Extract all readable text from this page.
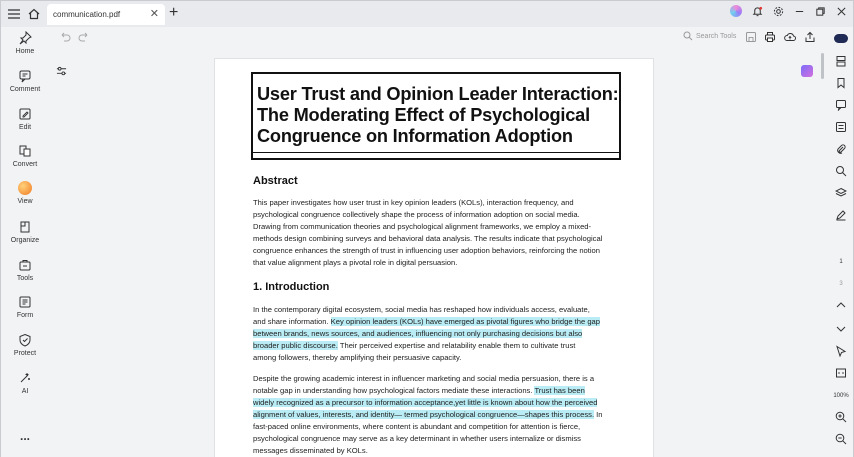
communication.pdf	✕ +
Home
Comment
Edit
Convert
View
Organize
Tools
Form
Protect
AI
...
Search Tools
User Trust and Opinion Leader Interaction:
The Moderating Effect of Psychological
Congruence on Information Adoption
Abstract
This paper investigates how user trust in key opinion leaders (KOLs), interaction frequency, and
psychological congruence collectively shape the process of information adoption on social media.
Drawing from communication theories and psychological alignment frameworks, we employ a mixed-
methods design combining surveys and behavioral data analysis. The results indicate that psychological
congruence enhances the strength of trust in influencing user adoption behaviors, reinforcing the notion
that value alignment plays a pivotal role in digital persuasion.
1. Introduction
In the contemporary digital ecosystem, social media has reshaped how individuals access, evaluate,
and share information. Key opinion leaders (KOLs) have emerged as pivotal figures who bridge the gap
between brands, news sources, and audiences, influencing not only purchasing decisions but also
broader public discourse. Their perceived expertise and relatability enable them to cultivate trust
among followers, thereby amplifying their persuasive capacity.
Despite the growing academic interest in influencer marketing and social media persuasion, there is a
notable gap in understanding how psychological factors mediate these interactions. Trust has been
widely recognized as a precursor to information acceptance,yet little is known about how the perceived
alignment of values, interests, and identity— termed psychological congruence—shapes this process. In
fast-paced online environments, where content is abundant and competition for attention is fierce,
psychological congruence may serve as a key determinant in whether users internalize or dismiss
messages disseminated by KOLs.
1
3
100%
